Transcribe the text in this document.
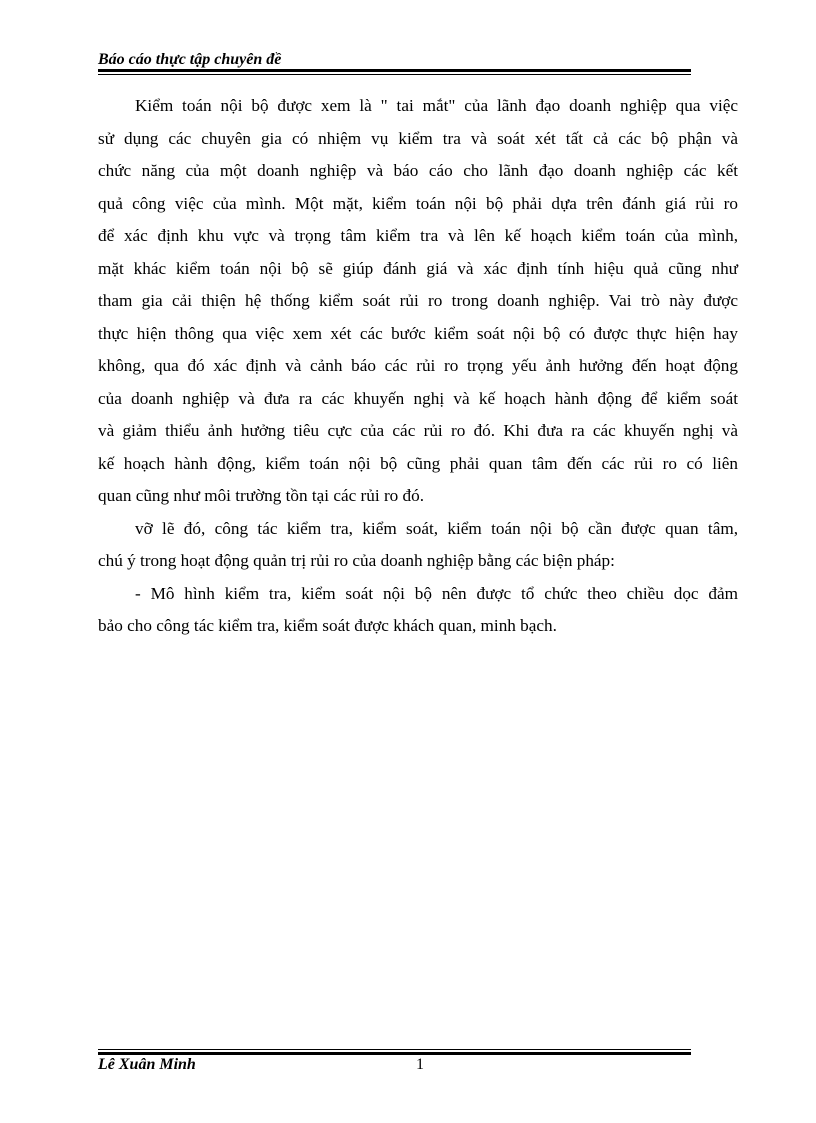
Báo cáo thực tập chuyên đề
Kiểm toán nội bộ được xem là " tai mắt" của lãnh đạo doanh nghiệp qua việc
sử dụng các chuyên gia có nhiệm vụ kiểm tra và soát xét tất cả các bộ phận và
chức năng của một doanh nghiệp và báo cáo cho lãnh đạo doanh nghiệp các kết
quả công việc của mình. Một mặt, kiểm toán nội bộ phải dựa trên đánh giá rủi ro
để xác định khu vực và trọng tâm kiểm tra và lên kế hoạch kiểm toán của mình,
mặt khác kiểm toán nội bộ sẽ giúp đánh giá và xác định tính hiệu quả cũng như
tham gia cải thiện hệ thống kiểm soát rủi ro trong doanh nghiệp. Vai trò này được
thực hiện thông qua việc xem xét các bước kiểm soát nội bộ có được thực hiện hay
không, qua đó xác định và cảnh báo các rủi ro trọng yếu ảnh hưởng đến hoạt động
của doanh nghiệp và đưa ra các khuyến nghị và kế hoạch hành động để kiểm soát
và giảm thiểu ảnh hưởng tiêu cực của các rủi ro đó. Khi đưa ra các khuyến nghị và
kế hoạch hành động, kiểm toán nội bộ cũng phải quan tâm đến các rủi ro có liên
quan cũng như môi trường tồn tại các rủi ro đó.
vỡ lẽ đó, công tác kiểm tra, kiểm soát, kiểm toán nội bộ cần được quan tâm,
chú ý trong hoạt động quản trị rủi ro của doanh nghiệp bằng các biện pháp:
- Mô hình kiểm tra, kiểm soát nội bộ nên được tổ chức theo chiều dọc đảm
bảo cho công tác kiểm tra, kiểm soát được khách quan, minh bạch.
Lê Xuân Minh	1
